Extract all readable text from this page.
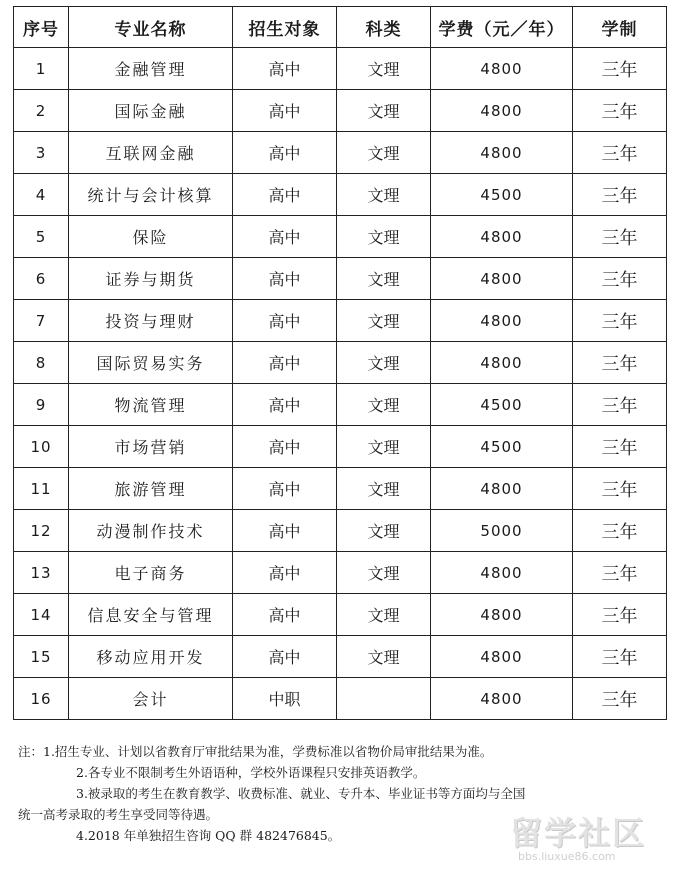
序号	专业名称	招生对象	科类	学费（元／年）	学制
1	金融管理	高中	文理	4800	三年
2	国际金融	高中	文理	4800	三年
3	互联网金融	高中	文理	4800	三年
4	统计与会计核算	高中	文理	4500	三年
5	保险	高中	文理	4800	三年
6	证券与期货	高中	文理	4800	三年
7	投资与理财	高中	文理	4800	三年
8	国际贸易实务	高中	文理	4800	三年
9	物流管理	高中	文理	4500	三年
10	市场营销	高中	文理	4500	三年
11	旅游管理	高中	文理	4800	三年
12	动漫制作技术	高中	文理	5000	三年
13	电子商务	高中	文理	4800	三年
14	信息安全与管理	高中	文理	4800	三年
15	移动应用开发	高中	文理	4800	三年
16	会计	中职		4800	三年
注：1.招生专业、计划以省教育厅审批结果为准，学费标准以省物价局审批结果为准。
2.各专业不限制考生外语语种，学校外语课程只安排英语教学。
3.被录取的考生在教育教学、收费标准、就业、专升本、毕业证书等方面均与全国
统一高考录取的考生享受同等待遇。
4.2018 年单独招生咨询 QQ 群 482476845。	留学社区
bbs.liuxue86.com
